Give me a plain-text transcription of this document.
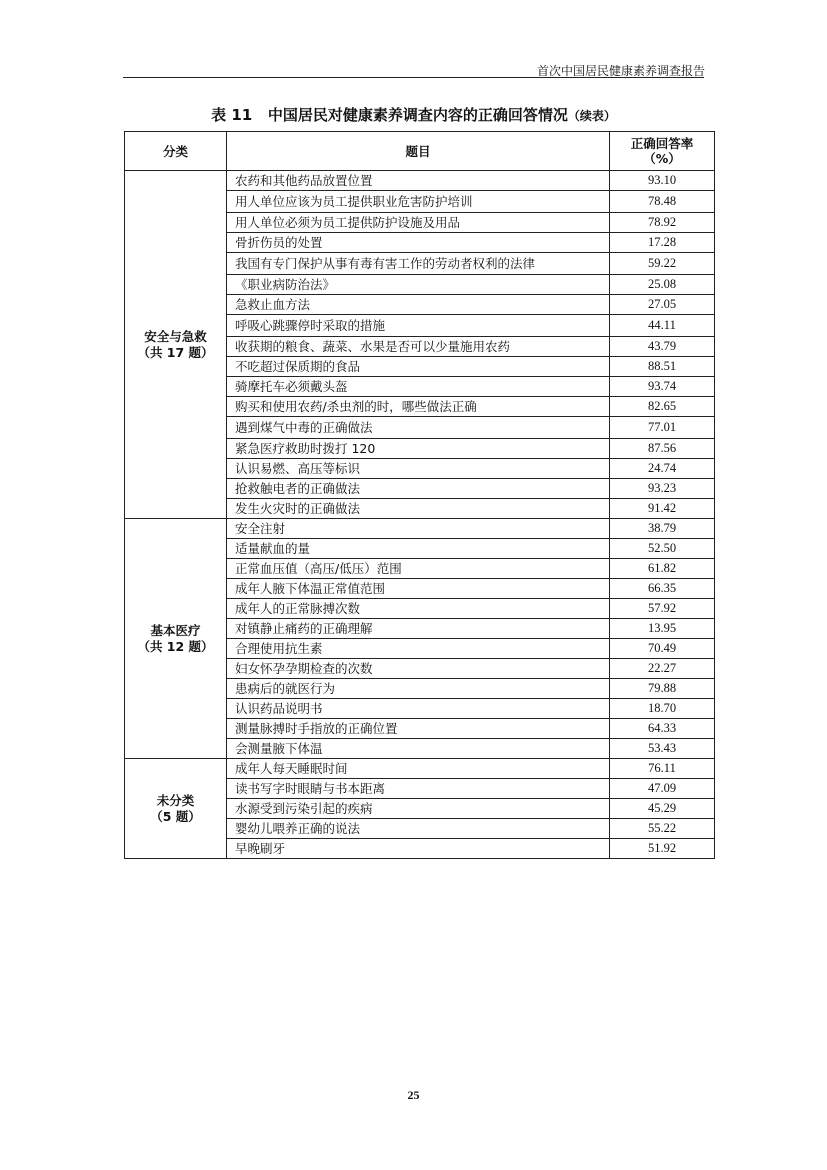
首次中国居民健康素养调查报告
表 11 中国居民对健康素养调查内容的正确回答情况（续表）
分类	题目	正确回答率
（%）

安全与急救
（共 17 题）	农药和其他药品放置位置	93.10
	用人单位应该为员工提供职业危害防护培训	78.48
	用人单位必须为员工提供防护设施及用品	78.92
	骨折伤员的处置	17.28
	我国有专门保护从事有毒有害工作的劳动者权利的法律	59.22
	《职业病防治法》	25.08
	急救止血方法	27.05
	呼吸心跳骤停时采取的措施	44.11
	收获期的粮食、蔬菜、水果是否可以少量施用农药	43.79
	不吃超过保质期的食品	88.51
	骑摩托车必须戴头盔	93.74
	购买和使用农药/杀虫剂的时，哪些做法正确	82.65
	遇到煤气中毒的正确做法	77.01
	紧急医疗救助时拨打 120	87.56
	认识易燃、高压等标识	24.74
	抢救触电者的正确做法	93.23
	发生火灾时的正确做法	91.42

基本医疗
（共 12 题）	安全注射	38.79
	适量献血的量	52.50
	正常血压值（高压/低压）范围	61.82
	成年人腋下体温正常值范围	66.35
	成年人的正常脉搏次数	57.92
	对镇静止痛药的正确理解	13.95
	合理使用抗生素	70.49
	妇女怀孕孕期检查的次数	22.27
	患病后的就医行为	79.88
	认识药品说明书	18.70
	测量脉搏时手指放的正确位置	64.33
	会测量腋下体温	53.43

未分类
（5 题）	成年人每天睡眠时间	76.11
	读书写字时眼睛与书本距离	47.09
	水源受到污染引起的疾病	45.29
	婴幼儿喂养正确的说法	55.22
	早晚刷牙	51.92
25
